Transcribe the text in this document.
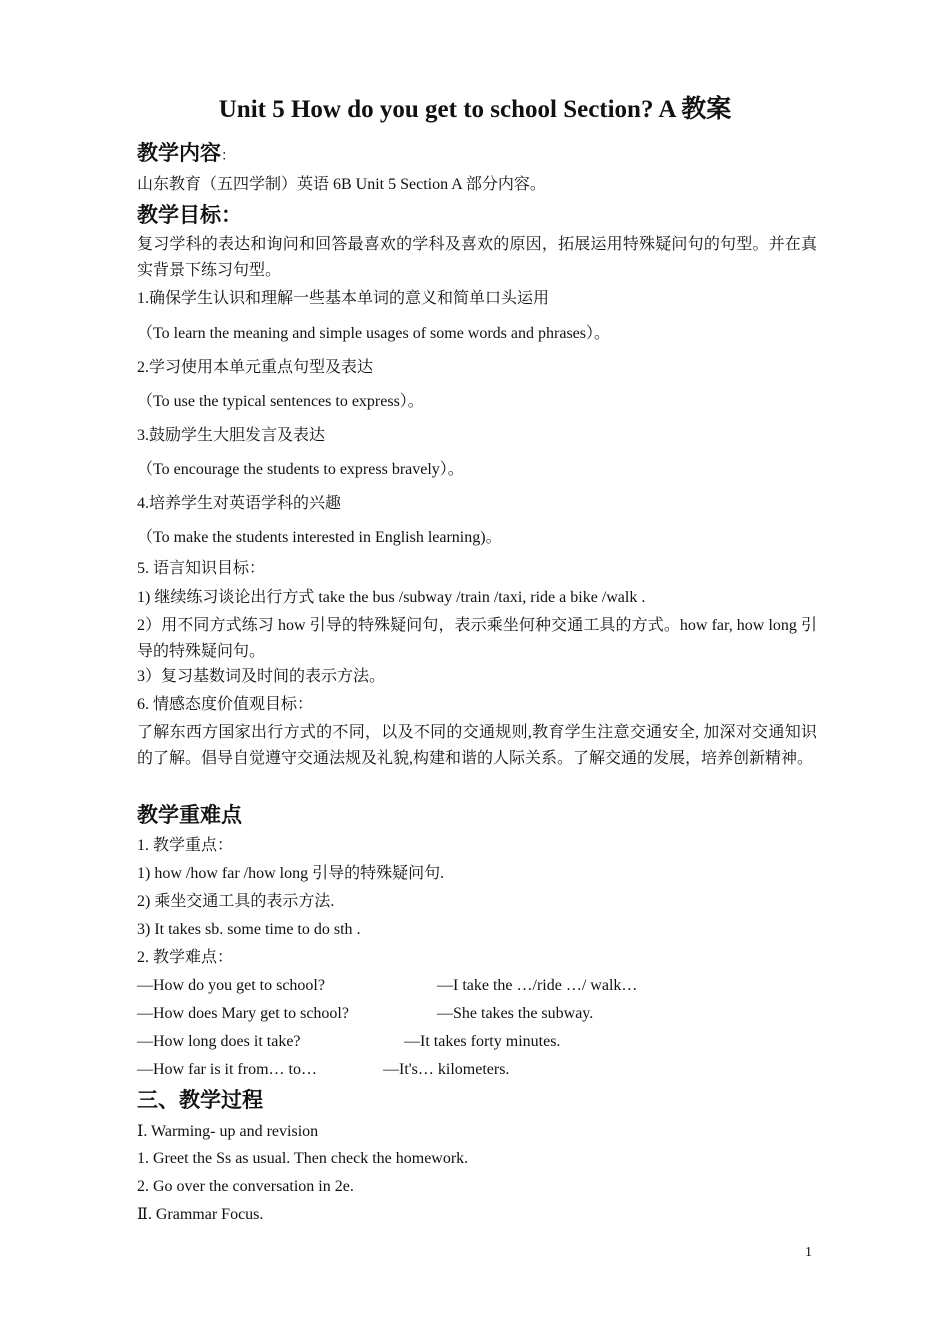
Unit 5 How do you get to school Section? A 教案
教学内容：
山东教育（五四学制）英语 6B Unit 5 Section A 部分内容。
教学目标：
复习学科的表达和询问和回答最喜欢的学科及喜欢的原因，拓展运用特殊疑问句的句型。并在真实背景下练习句型。
1.确保学生认识和理解一些基本单词的意义和简单口头运用
（To learn the meaning and simple usages of some words and phrases）。
2.学习使用本单元重点句型及表达
（To use the typical sentences to express）。
3.鼓励学生大胆发言及表达
（To encourage the students to express bravely）。
4.培养学生对英语学科的兴趣
（To make the students interested in English learning)。
5. 语言知识目标：
1) 继续练习谈论出行方式 take the bus /subway /train /taxi, ride a bike /walk .
2）用不同方式练习 how 引导的特殊疑问句，表示乘坐何种交通工具的方式。how far, how long 引导的特殊疑问句。
3）复习基数词及时间的表示方法。
6. 情感态度价值观目标：
了解东西方国家出行方式的不同，以及不同的交通规则,教育学生注意交通安全, 加深对交通知识的了解。倡导自觉遵守交通法规及礼貌,构建和谐的人际关系。了解交通的发展，培养创新精神。
教学重难点
1. 教学重点：
1) how /how far /how long 引导的特殊疑问句.
2) 乘坐交通工具的表示方法.
3) It takes sb. some time to do sth .
2. 教学难点：
—How do you get to school?	—I take the …/ride …/ walk…
—How does Mary get to school?	—She takes the subway.
—How long does it take?	—It takes forty minutes.
—How far is it from… to…	—It's… kilometers.
三、教学过程
Ⅰ. Warming- up and revision
1. Greet the Ss as usual. Then check the homework.
2. Go over the conversation in 2e.
Ⅱ. Grammar Focus.
1
